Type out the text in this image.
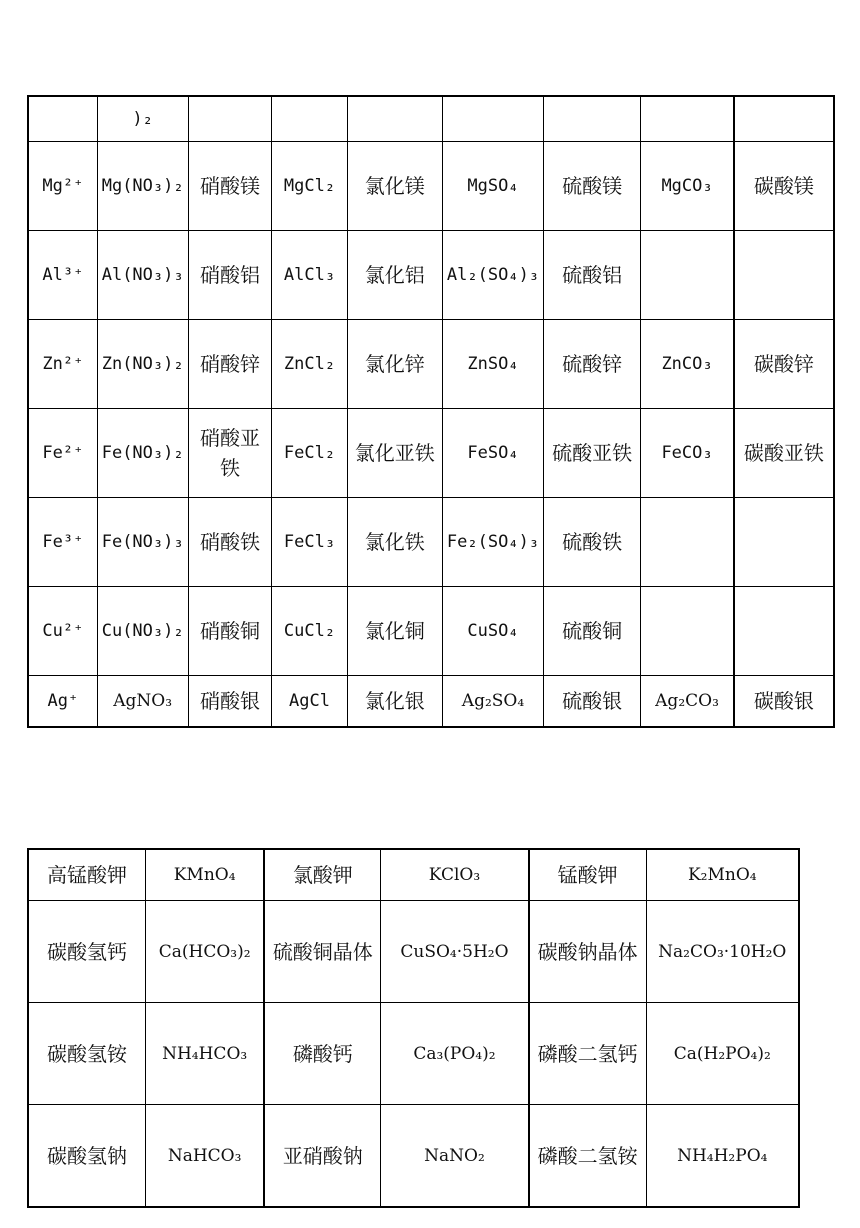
	)₂							
Mg²⁺	Mg(NO₃)₂	硝酸镁	MgCl₂	氯化镁	MgSO₄	硫酸镁	MgCO₃	碳酸镁
Al³⁺	Al(NO₃)₃	硝酸铝	AlCl₃	氯化铝	Al₂(SO₄)₃	硫酸铝		
Zn²⁺	Zn(NO₃)₂	硝酸锌	ZnCl₂	氯化锌	ZnSO₄	硫酸锌	ZnCO₃	碳酸锌
Fe²⁺	Fe(NO₃)₂	硝酸亚铁	FeCl₂	氯化亚铁	FeSO₄	硫酸亚铁	FeCO₃	碳酸亚铁
Fe³⁺	Fe(NO₃)₃	硝酸铁	FeCl₃	氯化铁	Fe₂(SO₄)₃	硫酸铁		
Cu²⁺	Cu(NO₃)₂	硝酸铜	CuCl₂	氯化铜	CuSO₄	硫酸铜		
Ag⁺	AgNO₃	硝酸银	AgCl	氯化银	Ag₂SO₄	硫酸银	Ag₂CO₃	碳酸银
高锰酸钾	KMnO₄	氯酸钾	KClO₃	锰酸钾	K₂MnO₄
碳酸氢钙	Ca(HCO₃)₂	硫酸铜晶体	CuSO₄·5H₂O	碳酸钠晶体	Na₂CO₃·10H₂O
碳酸氢铵	NH₄HCO₃	磷酸钙	Ca₃(PO₄)₂	磷酸二氢钙	Ca(H₂PO₄)₂
碳酸氢钠	NaHCO₃	亚硝酸钠	NaNO₂	磷酸二氢铵	NH₄H₂PO₄
